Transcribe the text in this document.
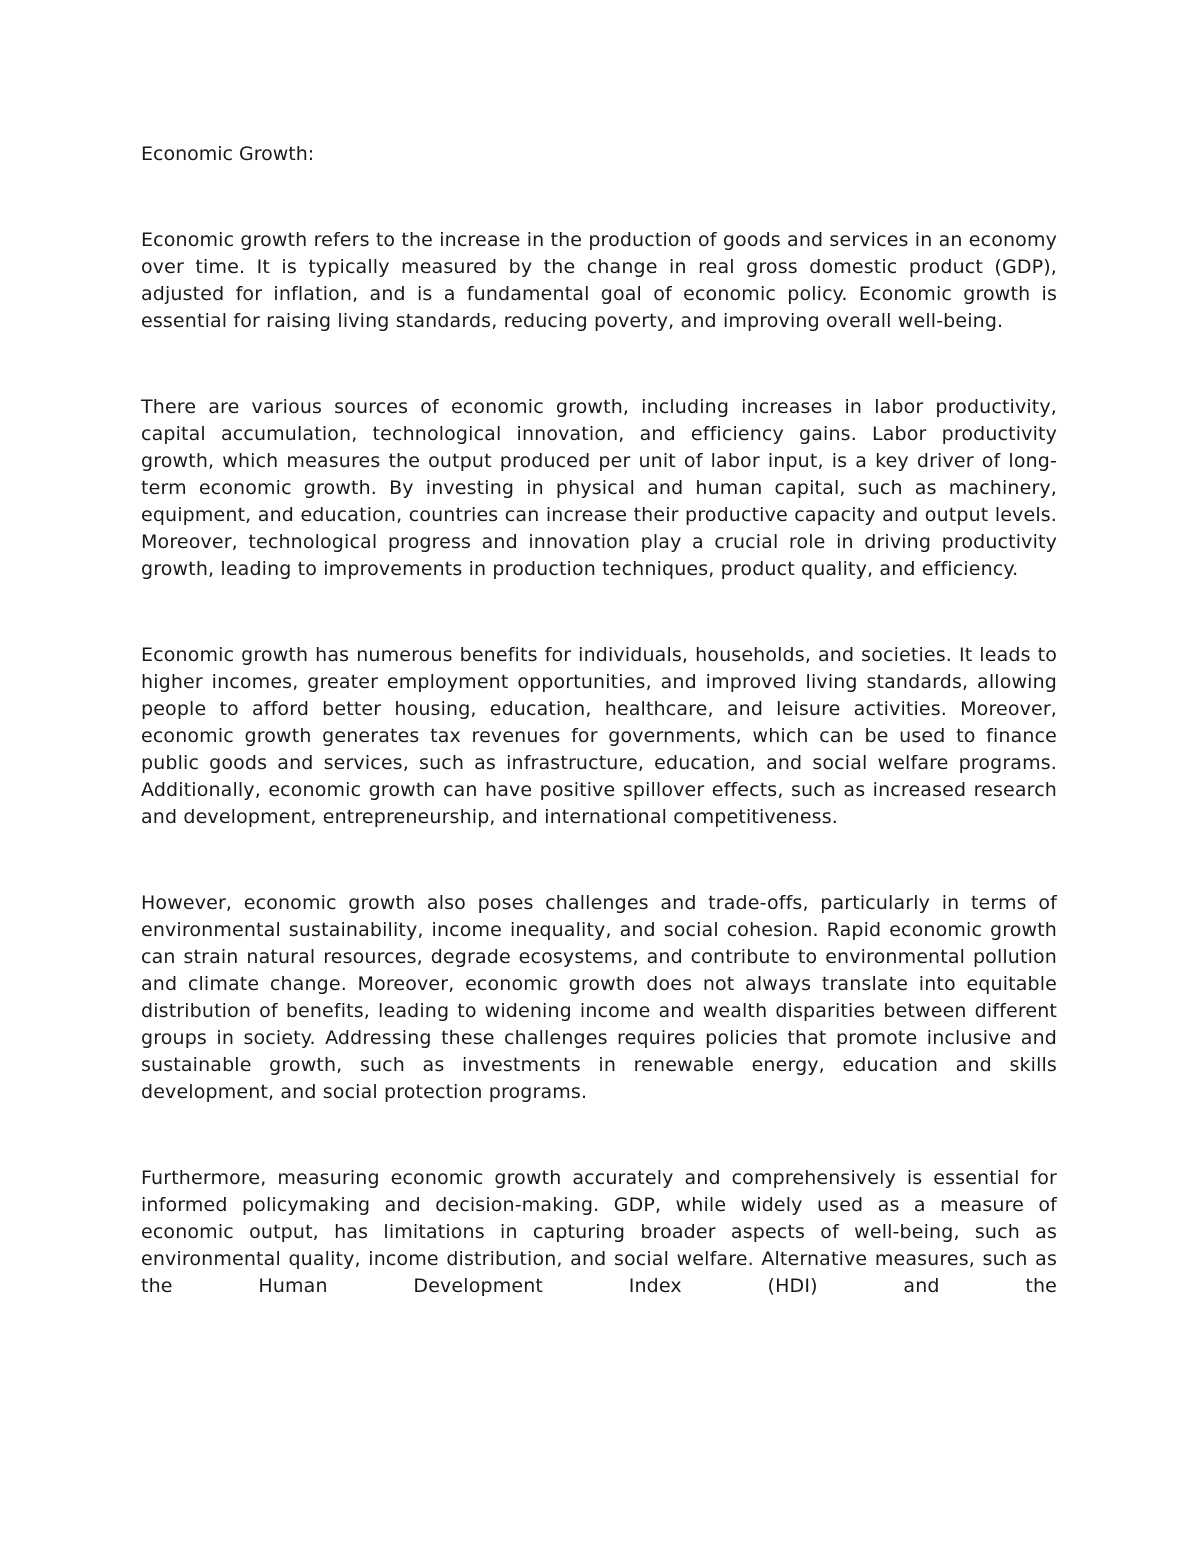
Economic Growth:

Economic growth refers to the increase in the production of goods and services in an economy over time. It is typically measured by the change in real gross domestic product (GDP), adjusted for inflation, and is a fundamental goal of economic policy. Economic growth is essential for raising living standards, reducing poverty, and improving overall well-being.

There are various sources of economic growth, including increases in labor productivity, capital accumulation, technological innovation, and efficiency gains. Labor productivity growth, which measures the output produced per unit of labor input, is a key driver of long-term economic growth. By investing in physical and human capital, such as machinery, equipment, and education, countries can increase their productive capacity and output levels. Moreover, technological progress and innovation play a crucial role in driving productivity growth, leading to improvements in production techniques, product quality, and efficiency.

Economic growth has numerous benefits for individuals, households, and societies. It leads to higher incomes, greater employment opportunities, and improved living standards, allowing people to afford better housing, education, healthcare, and leisure activities. Moreover, economic growth generates tax revenues for governments, which can be used to finance public goods and services, such as infrastructure, education, and social welfare programs. Additionally, economic growth can have positive spillover effects, such as increased research and development, entrepreneurship, and international competitiveness.

However, economic growth also poses challenges and trade-offs, particularly in terms of environmental sustainability, income inequality, and social cohesion. Rapid economic growth can strain natural resources, degrade ecosystems, and contribute to environmental pollution and climate change. Moreover, economic growth does not always translate into equitable distribution of benefits, leading to widening income and wealth disparities between different groups in society. Addressing these challenges requires policies that promote inclusive and sustainable growth, such as investments in renewable energy, education and skills development, and social protection programs.

Furthermore, measuring economic growth accurately and comprehensively is essential for informed policymaking and decision-making. GDP, while widely used as a measure of economic output, has limitations in capturing broader aspects of well-being, such as environmental quality, income distribution, and social welfare. Alternative measures, such as the Human Development Index (HDI) and the
